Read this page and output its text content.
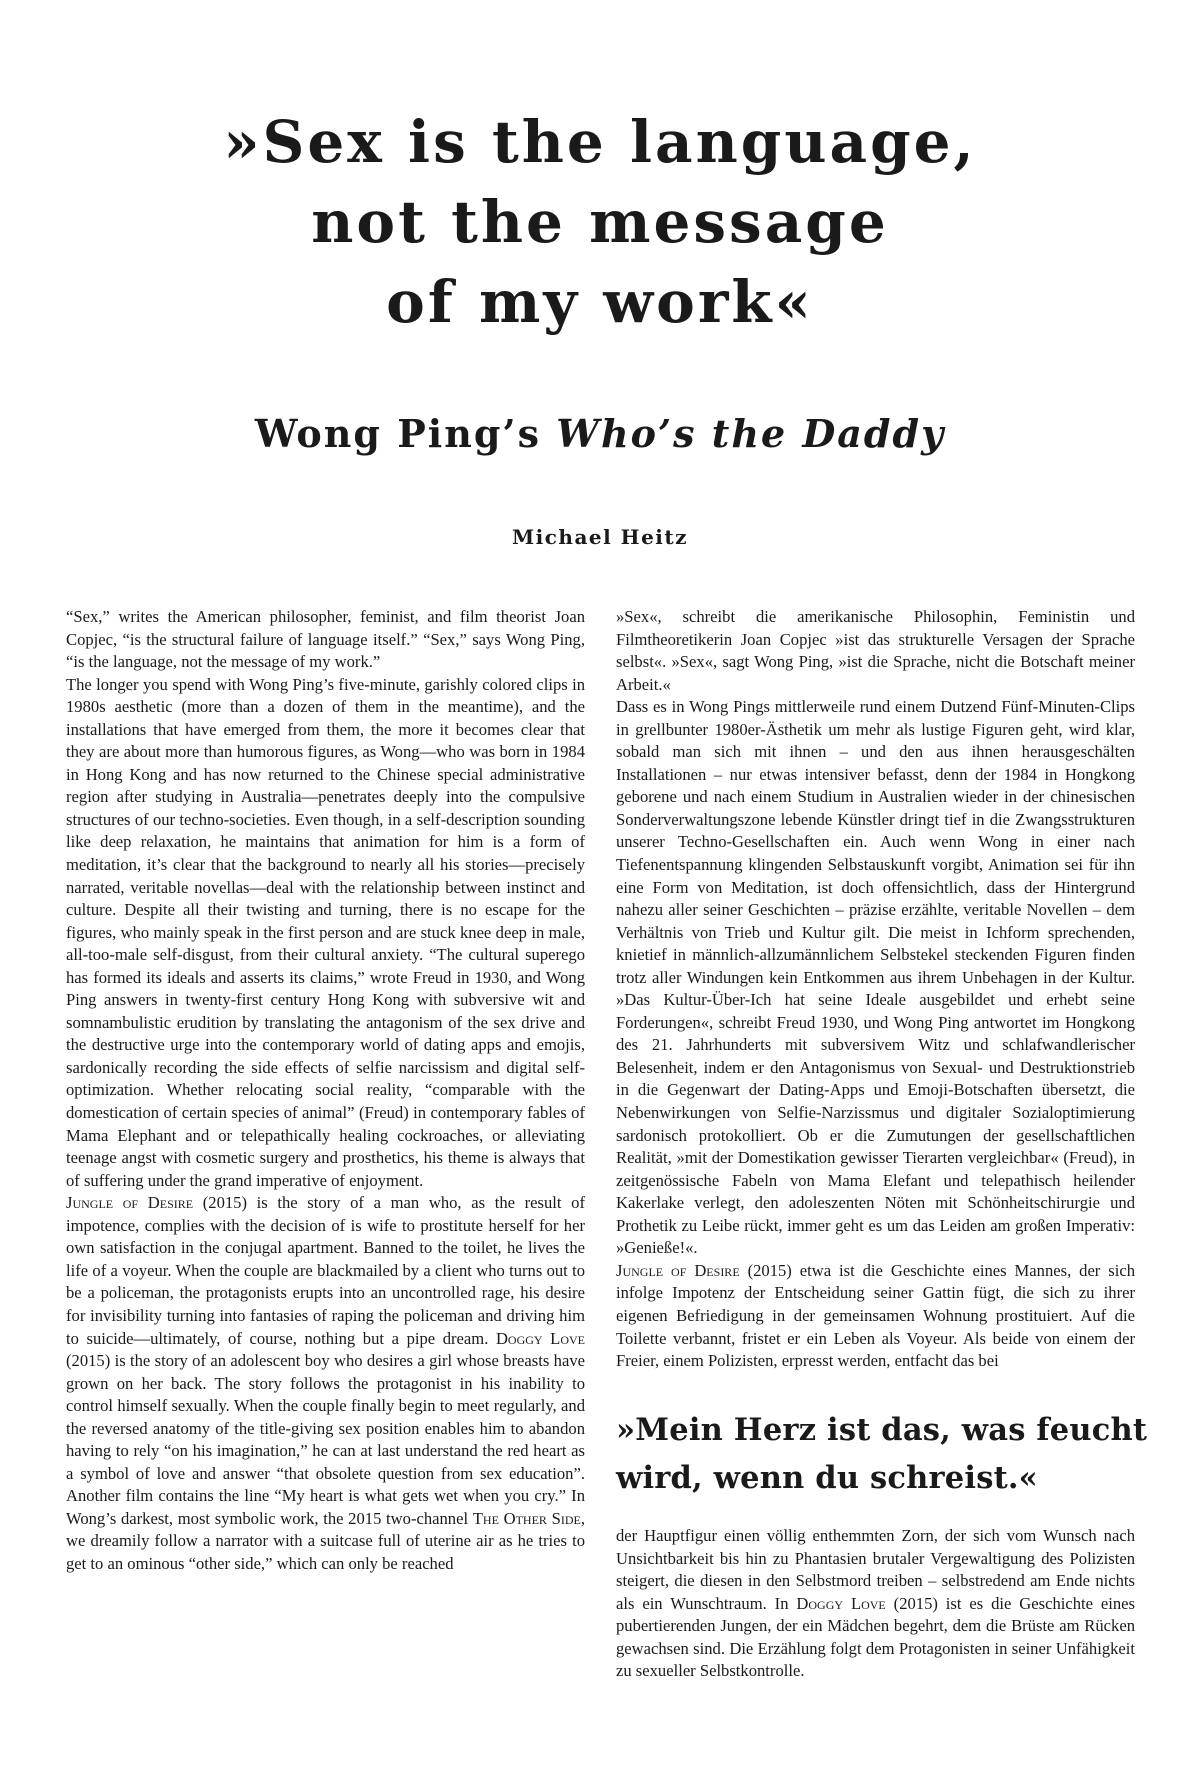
»Sex is the language,
not the message
of my work«
Wong Ping’s Who’s the Daddy
Michael Heitz

“Sex,” writes the American philosopher, feminist, and film theorist Joan Copjec, “is the structural failure of language itself.” “Sex,” says Wong Ping, “is the language, not the message of my work.”

The longer you spend with Wong Ping’s five-minute, garishly colored clips in 1980s aesthetic (more than a dozen of them in the meantime), and the installations that have emerged from them, the more it becomes clear that they are about more than humorous figures, as Wong—who was born in 1984 in Hong Kong and has now returned to the Chinese special administrative region after studying in Australia—penetrates deeply into the compulsive structures of our techno-societies. Even though, in a self-description sounding like deep relaxation, he maintains that animation for him is a form of meditation, it’s clear that the background to nearly all his stories—precisely narrated, veritable novellas—deal with the relationship between instinct and culture. Despite all their twisting and turning, there is no escape for the figures, who mainly speak in the first person and are stuck knee deep in male, all-too-male self-disgust, from their cultural anxiety. “The cultural superego has formed its ideals and asserts its claims,” wrote Freud in 1930, and Wong Ping answers in twenty-first century Hong Kong with subversive wit and somnambulistic erudition by translating the antagonism of the sex drive and the destructive urge into the contemporary world of dating apps and emojis, sardonically recording the side effects of selfie narcissism and digital self-optimization. Whether relocating social reality, “comparable with the domestication of certain species of animal” (Freud) in contemporary fables of Mama Elephant and or telepathically healing cockroaches, or alleviating teenage angst with cosmetic surgery and prosthetics, his theme is always that of suffering under the grand imperative of enjoyment.

Jungle of Desire (2015) is the story of a man who, as the result of impotence, complies with the decision of is wife to prostitute herself for her own satisfaction in the conjugal apartment. Banned to the toilet, he lives the life of a voyeur. When the couple are blackmailed by a client who turns out to be a policeman, the protagonists erupts into an uncontrolled rage, his desire for invisibility turning into fantasies of raping the policeman and driving him to suicide—ultimately, of course, nothing but a pipe dream. Doggy Love (2015) is the story of an adolescent boy who desires a girl whose breasts have grown on her back. The story follows the protagonist in his inability to control himself sexually. When the couple finally begin to meet regularly, and the reversed anatomy of the title-giving sex position enables him to abandon having to rely “on his imagination,” he can at last understand the red heart as a symbol of love and answer “that obsolete question from sex education”. Another film contains the line “My heart is what gets wet when you cry.” In Wong’s darkest, most symbolic work, the 2015 two-channel The Other Side, we dreamily follow a narrator with a suitcase full of uterine air as he tries to get to an ominous “other side,” which can only be reached

»Sex«, schreibt die amerikanische Philosophin, Feministin und Filmtheoretikerin Joan Copjec »ist das strukturelle Versagen der Sprache selbst«. »Sex«, sagt Wong Ping, »ist die Sprache, nicht die Botschaft meiner Arbeit.«

Dass es in Wong Pings mittlerweile rund einem Dutzend Fünf-Minuten-Clips in grellbunter 1980er-Ästhetik um mehr als lustige Figuren geht, wird klar, sobald man sich mit ihnen – und den aus ihnen herausgeschälten Installationen – nur etwas intensiver befasst, denn der 1984 in Hongkong geborene und nach einem Studium in Australien wieder in der chinesischen Sonderverwaltungszone lebende Künstler dringt tief in die Zwangsstrukturen unserer Techno-Gesellschaften ein. Auch wenn Wong in einer nach Tiefenentspannung klingenden Selbstauskunft vorgibt, Animation sei für ihn eine Form von Meditation, ist doch offensichtlich, dass der Hintergrund nahezu aller seiner Geschichten – präzise erzählte, veritable Novellen – dem Verhältnis von Trieb und Kultur gilt. Die meist in Ichform sprechenden, knietief in männlich-allzumännlichem Selbstekel steckenden Figuren finden trotz aller Windungen kein Entkommen aus ihrem Unbehagen in der Kultur. »Das Kultur-Über-Ich hat seine Ideale ausgebildet und erhebt seine Forderungen«, schreibt Freud 1930, und Wong Ping antwortet im Hongkong des 21. Jahrhunderts mit subversivem Witz und schlafwandlerischer Belesenheit, indem er den Antagonismus von Sexual- und Destruktionstrieb in die Gegenwart der Dating-Apps und Emoji-Botschaften übersetzt, die Nebenwirkungen von Selfie-Narzissmus und digitaler Sozialoptimierung sardonisch protokolliert. Ob er die Zumutungen der gesellschaftlichen Realität, »mit der Domestikation gewisser Tierarten vergleichbar« (Freud), in zeitgenössische Fabeln von Mama Elefant und telepathisch heilender Kakerlake verlegt, den adoleszenten Nöten mit Schönheitschirurgie und Prothetik zu Leibe rückt, immer geht es um das Leiden am großen Imperativ: »Genieße!«.

Jungle of Desire (2015) etwa ist die Geschichte eines Mannes, der sich infolge Impotenz der Entscheidung seiner Gattin fügt, die sich zu ihrer eigenen Befriedigung in der gemeinsamen Wohnung prostituiert. Auf die Toilette verbannt, fristet er ein Leben als Voyeur. Als beide von einem der Freier, einem Polizisten, erpresst werden, entfacht das bei

»Mein Herz ist das, was feucht wird, wenn du schreist.«

der Hauptfigur einen völlig enthemmten Zorn, der sich vom Wunsch nach Unsichtbarkeit bis hin zu Phantasien brutaler Vergewaltigung des Polizisten steigert, die diesen in den Selbstmord treiben – selbstredend am Ende nichts als ein Wunschtraum. In Doggy Love (2015) ist es die Geschichte eines pubertierenden Jungen, der ein Mädchen begehrt, dem die Brüste am Rücken gewachsen sind. Die Erzählung folgt dem Protagonisten in seiner Unfähigkeit zu sexueller Selbstkontrolle.
